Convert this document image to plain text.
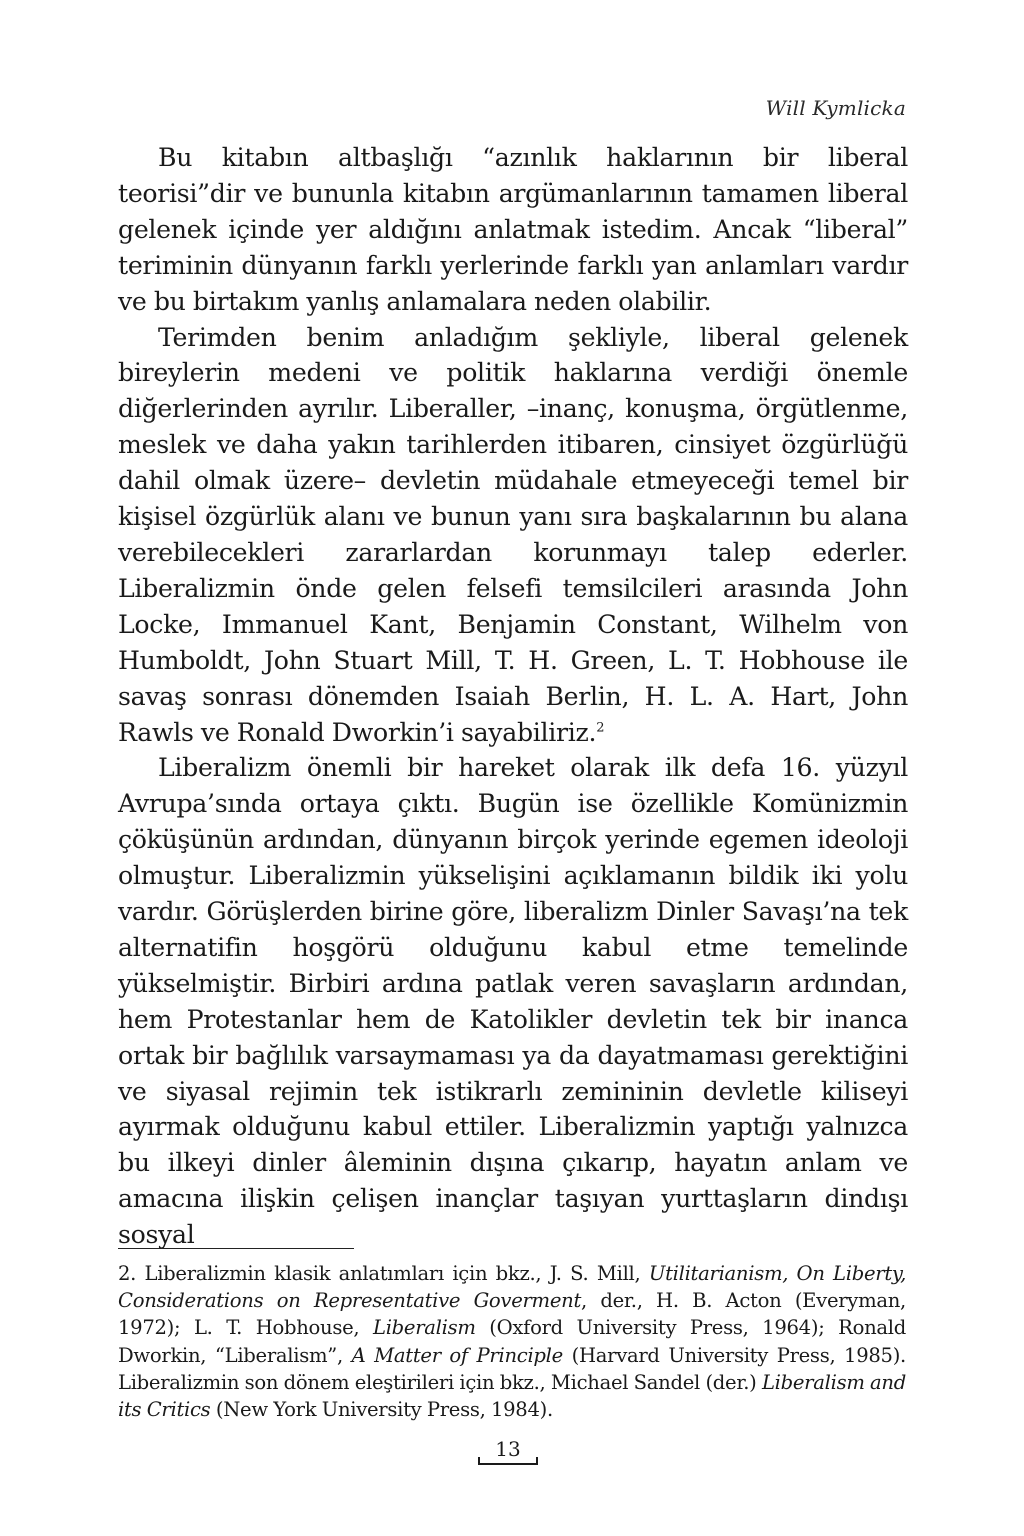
Will Kymlicka

Bu kitabın altbaşlığı “azınlık haklarının bir liberal teorisi”dir ve bununla kitabın argümanlarının tamamen liberal gelenek içinde yer aldığını anlatmak istedim. Ancak “liberal” teriminin dünyanın farklı yerlerinde farklı yan anlamları vardır ve bu birtakım yanlış anlamalara neden olabilir.

Terimden benim anladığım şekliyle, liberal gelenek bireylerin medeni ve politik haklarına verdiği önemle diğerlerinden ayrılır. Liberaller, –inanç, konuşma, örgütlenme, meslek ve daha yakın tarihlerden itibaren, cinsiyet özgürlüğü dahil olmak üzere– devletin müdahale etmeyeceği temel bir kişisel özgürlük alanı ve bunun yanı sıra başkalarının bu alana verebilecekleri zararlardan korunmayı talep ederler. Liberalizmin önde gelen felsefi temsilcileri arasında John Locke, Immanuel Kant, Benjamin Constant, Wilhelm von Humboldt, John Stuart Mill, T. H. Green, L. T. Hobhouse ile savaş sonrası dönemden Isaiah Berlin, H. L. A. Hart, John Rawls ve Ronald Dworkin’i sayabiliriz.$^2$

Liberalizm önemli bir hareket olarak ilk defa 16. yüzyıl Avrupa’sında ortaya çıktı. Bugün ise özellikle Komünizmin çöküşünün ardından, dünyanın birçok yerinde egemen ideoloji olmuştur. Liberalizmin yükselişini açıklamanın bildik iki yolu vardır. Görüşlerden birine göre, liberalizm Dinler Savaşı’na tek alternatifin hoşgörü olduğunu kabul etme temelinde yükselmiştir. Birbiri ardına patlak veren savaşların ardından, hem Protestanlar hem de Katolikler devletin tek bir inanca ortak bir bağlılık varsaymaması ya da dayatmaması gerektiğini ve siyasal rejimin tek istikrarlı zemininin devletle kiliseyi ayırmak olduğunu kabul ettiler. Liberalizmin yaptığı yalnızca bu ilkeyi dinler âleminin dışına çıkarıp, hayatın anlam ve amacına ilişkin çelişen inançlar taşıyan yurttaşların dindışı sosyal

2. Liberalizmin klasik anlatımları için bkz., J. S. Mill, Utilitarianism, On Liberty, Considerations on Representative Goverment, der., H. B. Acton (Everyman, 1972); L. T. Hobhouse, Liberalism (Oxford University Press, 1964); Ronald Dworkin, “Liberalism”, A Matter of Principle (Harvard University Press, 1985). Liberalizmin son dönem eleştirileri için bkz., Michael Sandel (der.) Liberalism and its Critics (New York University Press, 1984).

13
